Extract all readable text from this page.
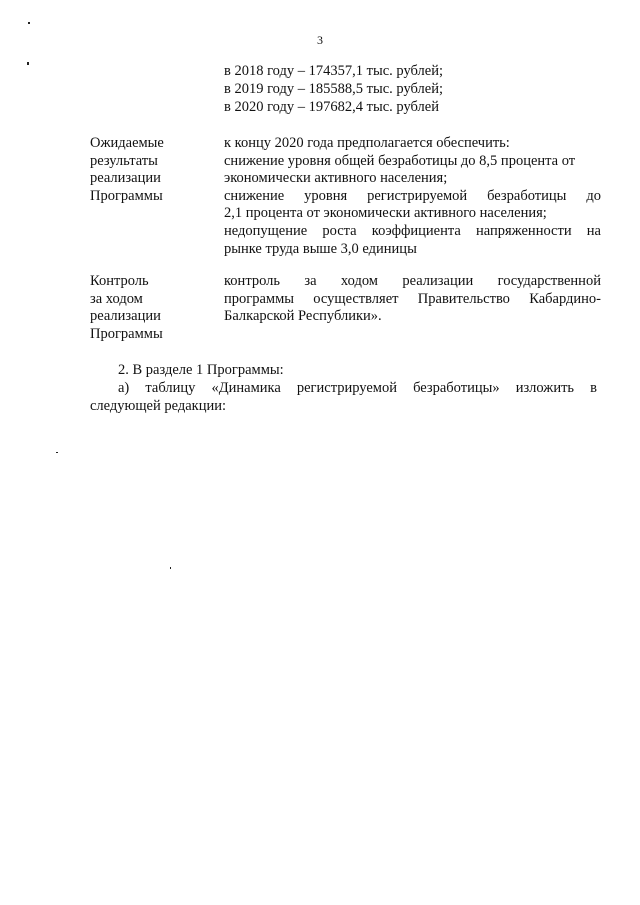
3
в 2018 году – 174357,1 тыс. рублей;
в 2019 году – 185588,5 тыс. рублей;
в 2020 году – 197682,4 тыс. рублей
Ожидаемые
результаты
реализации
Программы
к концу 2020 года предполагается обеспечить:
снижение уровня общей безработицы до 8,5 процента от
экономически активного населения;
снижение уровня регистрируемой безработицы до
2,1 процента от экономически активного населения;
недопущение роста коэффициента напряженности на
рынке труда выше 3,0 единицы
Контроль
за ходом
реализации
Программы
контроль за ходом реализации государственной
программы осуществляет Правительство Кабардино-
Балкарской Республики».
2. В разделе 1 Программы:
а) таблицу «Динамика регистрируемой безработицы» изложить в
следующей редакции:
